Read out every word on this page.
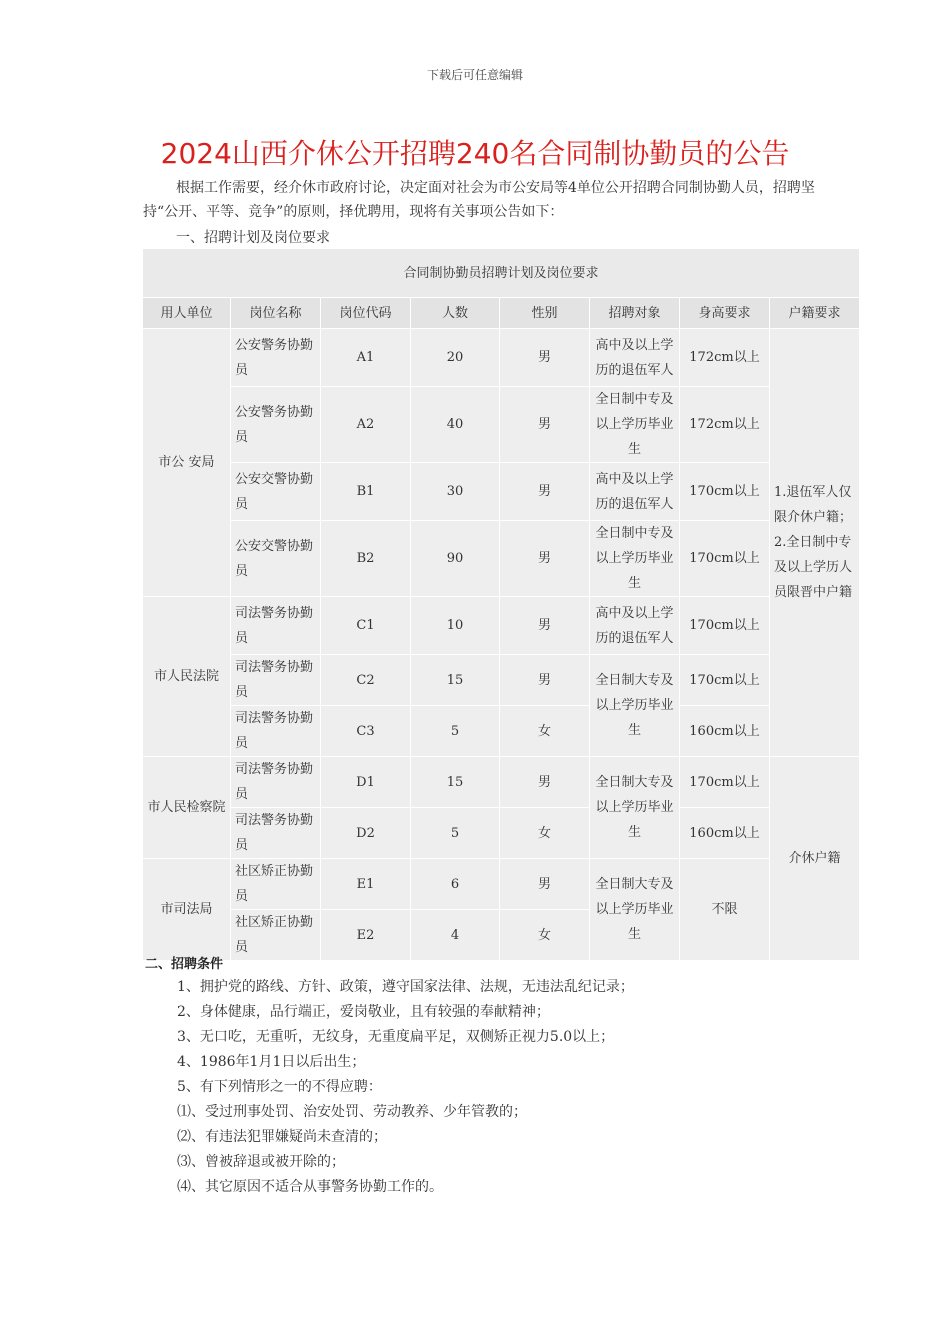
下载后可任意编辑
2024山西介休公开招聘240名合同制协勤员的公告
根据工作需要，经介休市政府讨论，决定面对社会为市公安局等4单位公开招聘合同制协勤人员，招聘坚持“公开、平等、竞争”的原则，择优聘用，现将有关事项公告如下：
一、招聘计划及岗位要求
合同制协勤员招聘计划及岗位要求							
用人单位	岗位名称	岗位代码	人数	性别	招聘对象	身高要求	户籍要求
市公 安局	公安警务协勤员	A1	20	男	高中及以上学历的退伍军人	172cm以上	1.退伍军人仅限介休户籍；2.全日制中专及以上学历人员限晋中户籍
	公安警务协勤员	A2	40	男	全日制中专及以上学历毕业生	172cm以上	
	公安交警协勤员	B1	30	男	高中及以上学历的退伍军人	170cm以上	
	公安交警协勤员	B2	90	男	全日制中专及以上学历毕业生	170cm以上	
市人民法院	司法警务协勤员	C1	10	男	高中及以上学历的退伍军人	170cm以上	
	司法警务协勤员	C2	15	男	全日制大专及以上学历毕业生	170cm以上	
	司法警务协勤员	C3	5	女		160cm以上	
市人民检察院	司法警务协勤员	D1	15	男	全日制大专及以上学历毕业生	170cm以上	介休户籍
	司法警务协勤员	D2	5	女		160cm以上	
市司法局	社区矫正协勤员	E1	6	男	全日制大专及以上学历毕业生	不限	
	社区矫正协勤员	E2	4	女			
二、招聘条件
1、拥护党的路线、方针、政策，遵守国家法律、法规，无违法乱纪记录；
2、身体健康，品行端正，爱岗敬业，且有较强的奉献精神；
3、无口吃，无重听，无纹身，无重度扁平足，双侧矫正视力5.0以上；
4、1986年1月1日以后出生；
5、有下列情形之一的不得应聘：
⑴、受过刑事处罚、治安处罚、劳动教养、少年管教的；
⑵、有违法犯罪嫌疑尚未查清的；
⑶、曾被辞退或被开除的；
⑷、其它原因不适合从事警务协勤工作的。
